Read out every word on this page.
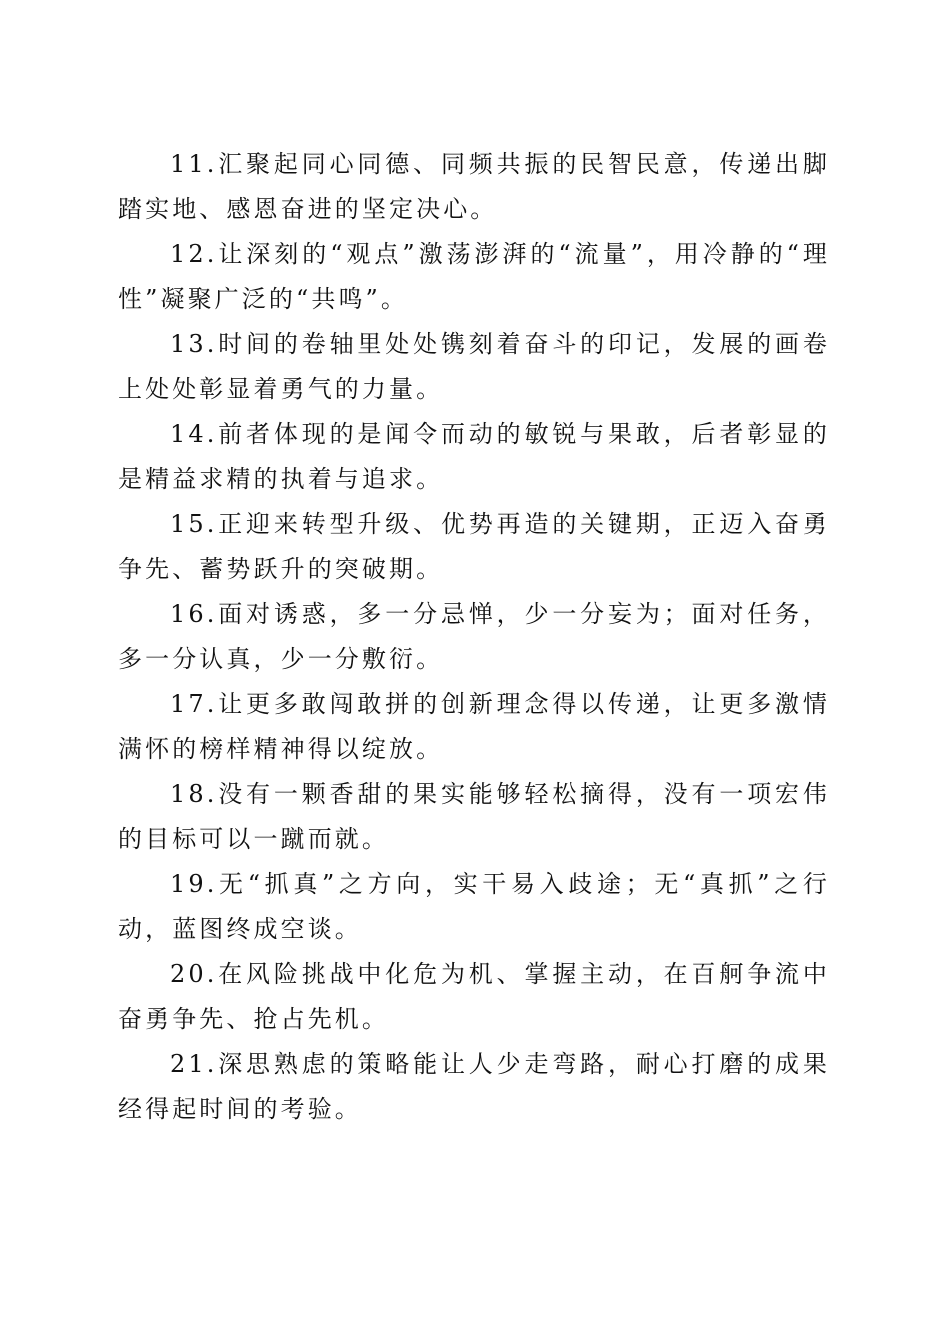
11.汇聚起同心同德、同频共振的民智民意，传递出脚踏实地、感恩奋进的坚定决心。

12.让深刻的“观点”激荡澎湃的“流量”，用冷静的“理性”凝聚广泛的“共鸣”。

13.时间的卷轴里处处镌刻着奋斗的印记，发展的画卷上处处彰显着勇气的力量。

14.前者体现的是闻令而动的敏锐与果敢，后者彰显的是精益求精的执着与追求。

15.正迎来转型升级、优势再造的关键期，正迈入奋勇争先、蓄势跃升的突破期。

16.面对诱惑，多一分忌惮，少一分妄为；面对任务，多一分认真，少一分敷衍。

17.让更多敢闯敢拼的创新理念得以传递，让更多激情满怀的榜样精神得以绽放。

18.没有一颗香甜的果实能够轻松摘得，没有一项宏伟的目标可以一蹴而就。

19.无“抓真”之方向，实干易入歧途；无“真抓”之行动，蓝图终成空谈。

20.在风险挑战中化危为机、掌握主动，在百舸争流中奋勇争先、抢占先机。

21.深思熟虑的策略能让人少走弯路，耐心打磨的成果经得起时间的考验。
